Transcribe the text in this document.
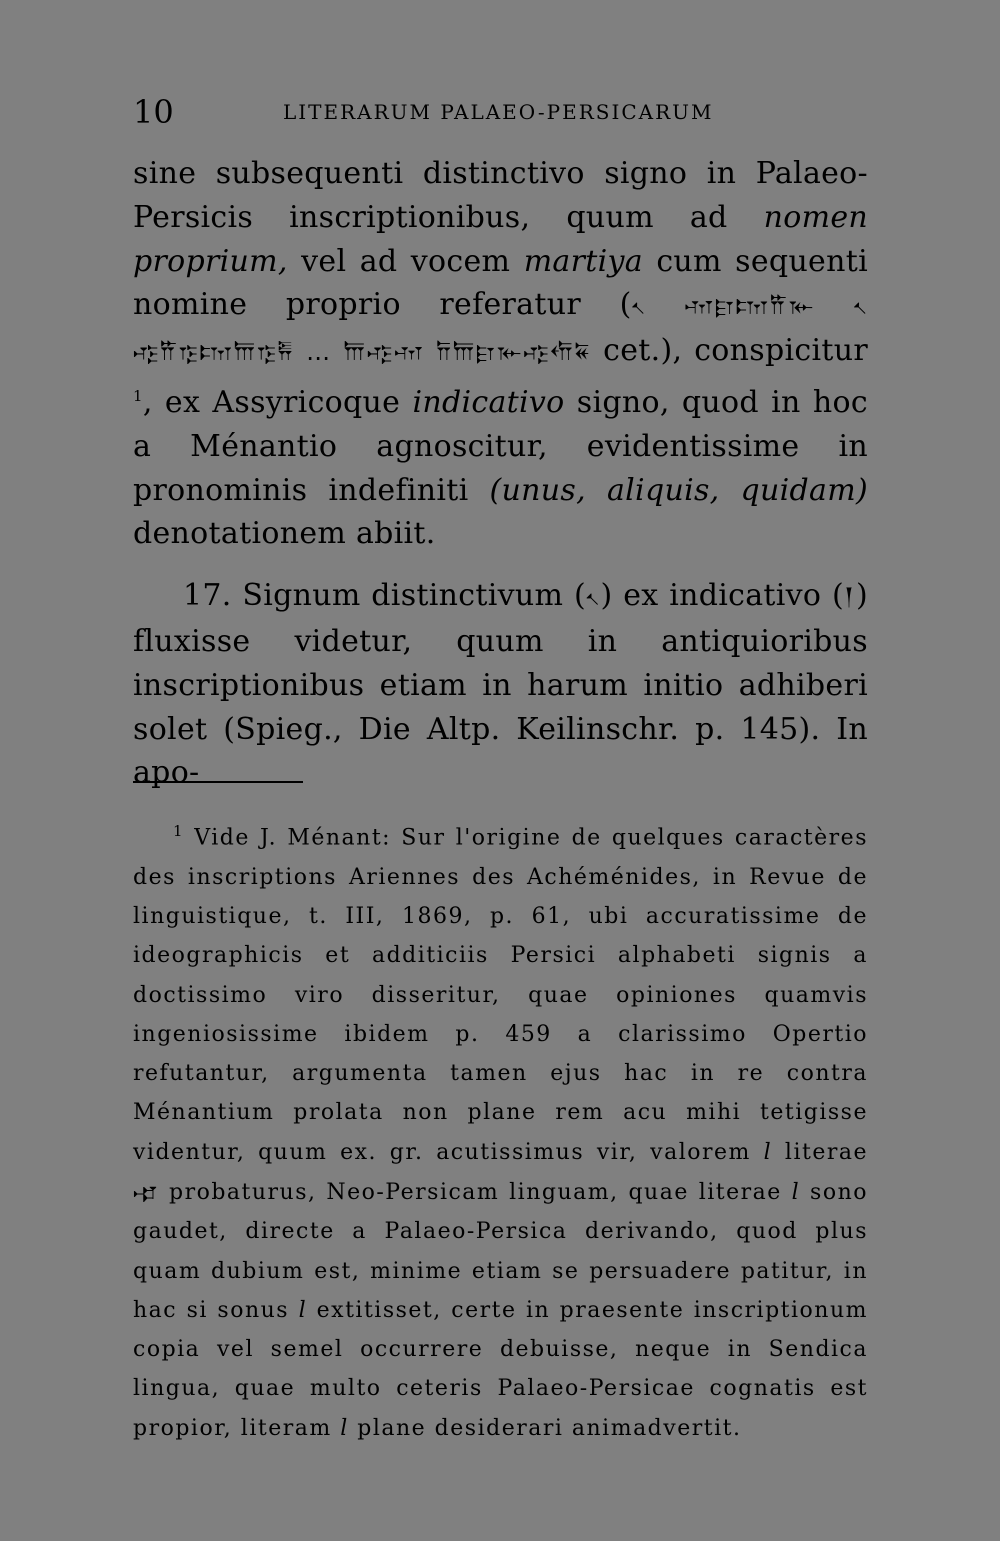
10	LITERARUM PALAEO-PERSICARUM

sine subsequenti distinctivo signo in Palaeo-Persicis inscriptionibus, quum ad nomen proprium, vel ad vocem martiya cum sequenti nomine proprio referatur (𐏐 𐎶𐎼𐎫𐎡𐎹 𐏐 𐎺𐎡𐎿𐎫𐎠𐎿𐎱 … 𐎠𐎺𐎶 𐎭𐎠𐎼𐎹𐎺𐎢𐏁 cet.), conspicitur $^1$, ex Assyricoque indicativo signo, quod in hoc a Ménantio agnoscitur, evidentissime in pronominis indefiniti (unus, aliquis, quidam) denotationem abiit.

17. Signum distinctivum (𐏐) ex indicativo (𒁹) fluxisse videtur, quum in antiquioribus inscriptionibus etiam in harum initio adhiberi solet (Spieg., Die Altp. Keilinschr. p. 145). In apo-

$^1$ Vide J. Ménant: Sur l'origine de quelques caractères des inscriptions Ariennes des Achéménides, in Revue de linguistique, t. III, 1869, p. 61, ubi accuratissime de ideographicis et additiciis Persici alphabeti signis a doctissimo viro disseritur, quae opiniones quamvis ingeniosissime ibidem p. 459 a clarissimo Opertio refutantur, argumenta tamen ejus hac in re contra Ménantium prolata non plane rem acu mihi tetigisse videntur, quum ex. gr. acutissimus vir, valorem l literae 𐎾 probaturus, Neo-Persicam linguam, quae literae l sono gaudet, directe a Palaeo-Persica derivando, quod plus quam dubium est, minime etiam se persuadere patitur, in hac si sonus l extitisset, certe in praesente inscriptionum copia vel semel occurrere debuisse, neque in Sendica lingua, quae multo ceteris Palaeo-Persicae cognatis est propior, literam l plane desiderari animadvertit.
